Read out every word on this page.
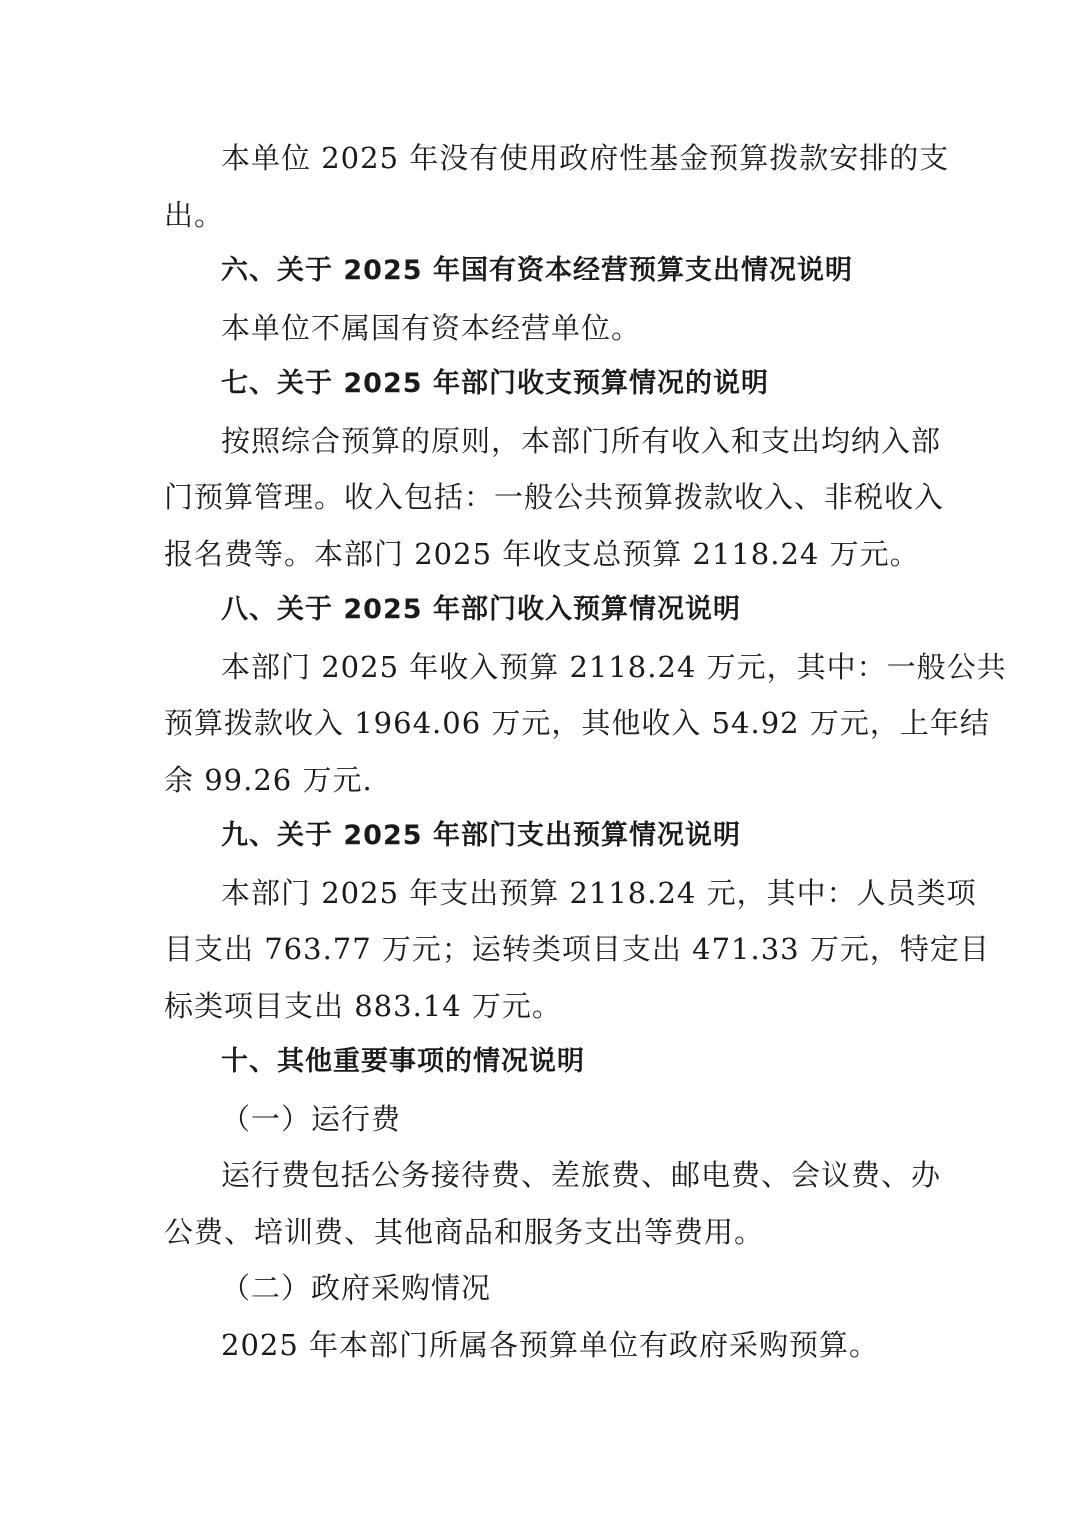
本单位 2025 年没有使用政府性基金预算拨款安排的支
出。
六、关于 2025 年国有资本经营预算支出情况说明
本单位不属国有资本经营单位。
七、关于 2025 年部门收支预算情况的说明
按照综合预算的原则，本部门所有收入和支出均纳入部
门预算管理。收入包括：一般公共预算拨款收入、非税收入
报名费等。本部门 2025 年收支总预算 2118.24 万元。
八、关于 2025 年部门收入预算情况说明
本部门 2025 年收入预算 2118.24 万元，其中：一般公共
预算拨款收入 1964.06 万元，其他收入 54.92 万元，上年结
余 99.26 万元.
九、关于 2025 年部门支出预算情况说明
本部门 2025 年支出预算 2118.24 元，其中：人员类项
目支出 763.77 万元；运转类项目支出 471.33 万元，特定目
标类项目支出 883.14 万元。
十、其他重要事项的情况说明
（一）运行费
运行费包括公务接待费、差旅费、邮电费、会议费、办
公费、培训费、其他商品和服务支出等费用。
（二）政府采购情况
2025 年本部门所属各预算单位有政府采购预算。
